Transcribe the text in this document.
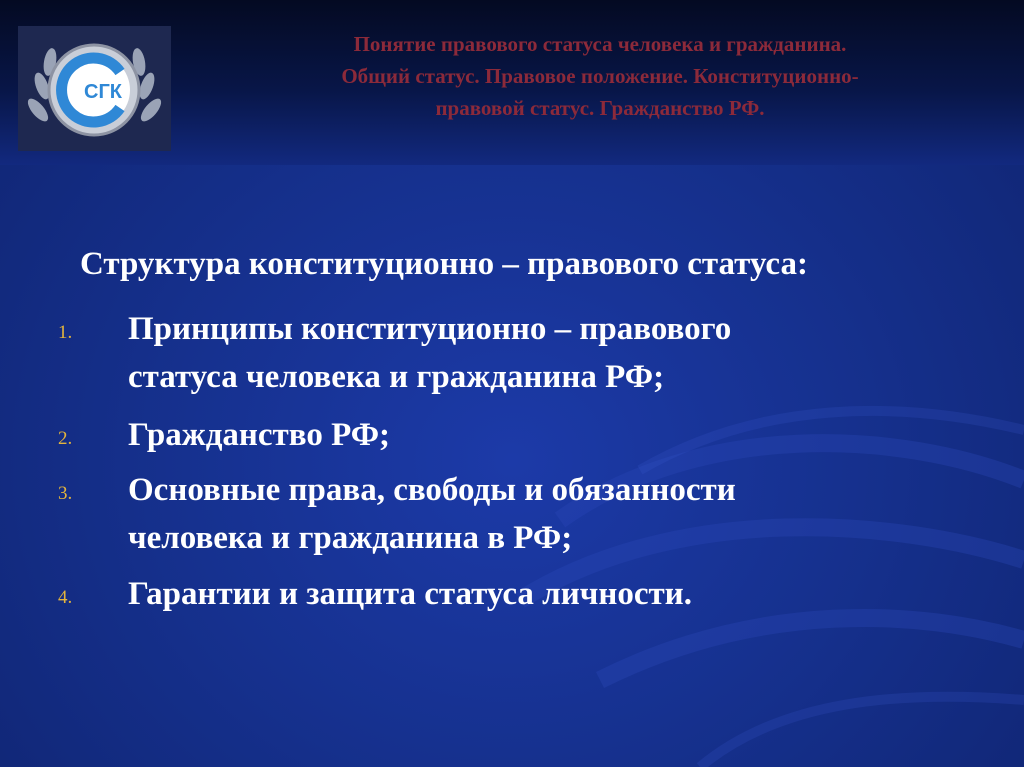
СГК
Понятие правового статуса человека и гражданина.
Общий статус. Правовое положение. Конституционно-
правовой статус. Гражданство РФ.
Структура конституционно – правового статуса:
1. Принципы конституционно – правового
статуса человека и гражданина РФ;
2. Гражданство РФ;
3. Основные права, свободы и обязанности
человека и гражданина в РФ;
4. Гарантии и защита статуса личности.
